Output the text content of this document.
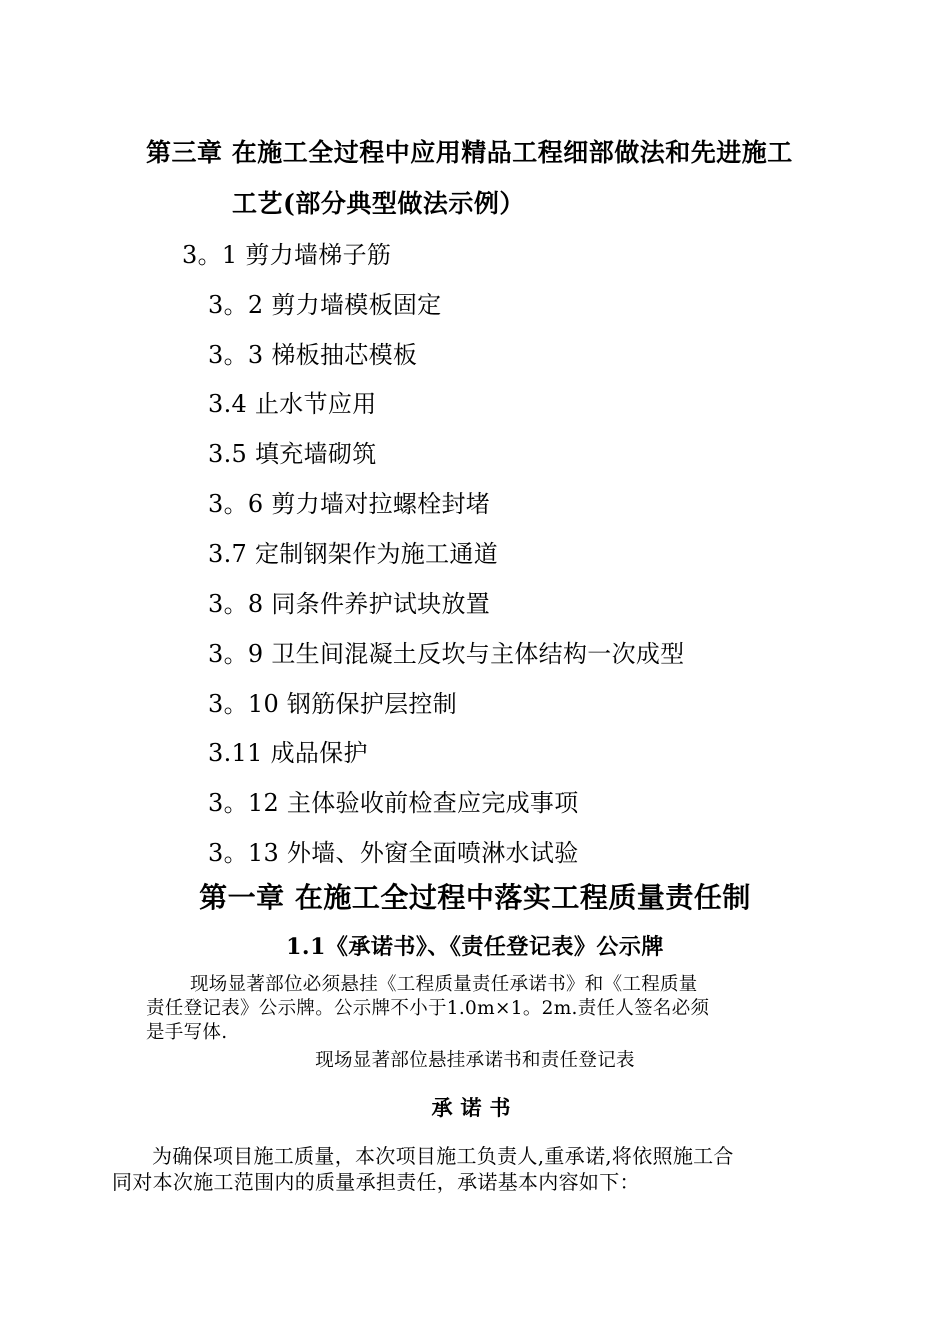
第三章 在施工全过程中应用精品工程细部做法和先进施工
工艺(部分典型做法示例）
3。1 剪力墙梯子筋
3。2 剪力墙模板固定
3。3 梯板抽芯模板
3.4 止水节应用
3.5 填充墙砌筑
3。6 剪力墙对拉螺栓封堵
3.7 定制钢架作为施工通道
3。8 同条件养护试块放置
3。9 卫生间混凝土反坎与主体结构一次成型
3。10 钢筋保护层控制
3.11 成品保护
3。12 主体验收前检查应完成事项
3。13 外墙、外窗全面喷淋水试验
第一章 在施工全过程中落实工程质量责任制
1.1《承诺书》、《责任登记表》公示牌
现场显著部位必须悬挂《工程质量责任承诺书》和《工程质量
责任登记表》公示牌。公示牌不小于1.0m×1。2m.责任人签名必须
是手写体.
现场显著部位悬挂承诺书和责任登记表
承诺书
为确保项目施工质量，本次项目施工负责人,重承诺,将依照施工合
同对本次施工范围内的质量承担责任，承诺基本内容如下：
